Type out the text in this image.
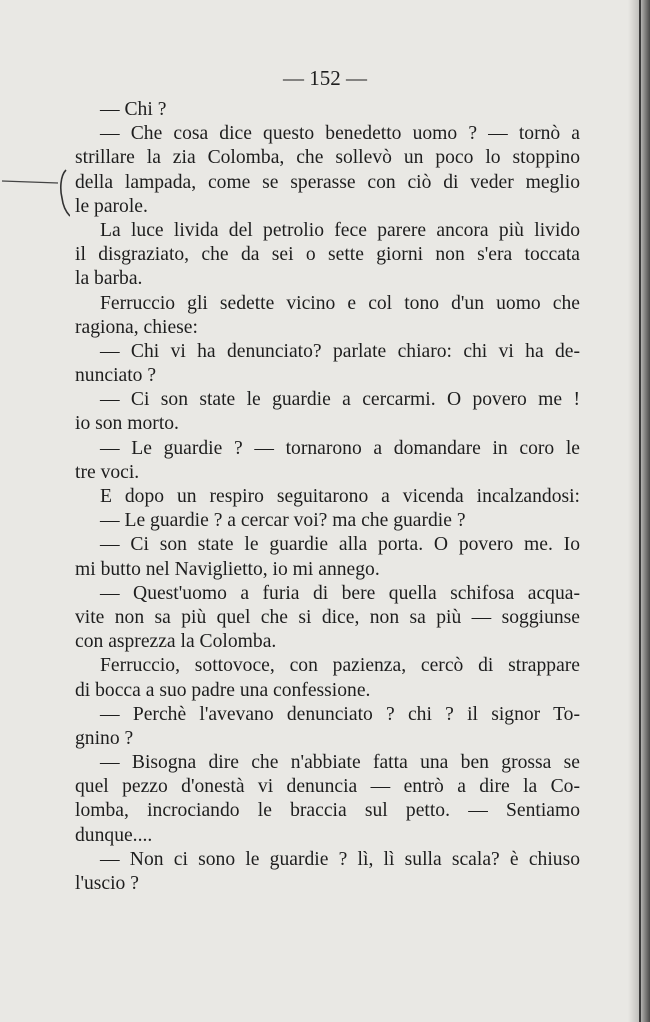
— 152 —
— Chi ?
— Che cosa dice questo benedetto uomo ? — tornò a
strillare la zia Colomba, che sollevò un poco lo stoppino
della lampada, come se sperasse con ciò di veder meglio
le parole.
La luce livida del petrolio fece parere ancora più livido
il disgraziato, che da sei o sette giorni non s'era toccata
la barba.
Ferruccio gli sedette vicino e col tono d'un uomo che
ragiona, chiese:
— Chi vi ha denunciato? parlate chiaro: chi vi ha de-
nunciato ?
— Ci son state le guardie a cercarmi. O povero me !
io son morto.
— Le guardie ? — tornarono a domandare in coro le
tre voci.
E dopo un respiro seguitarono a vicenda incalzandosi:
— Le guardie ? a cercar voi? ma che guardie ?
— Ci son state le guardie alla porta. O povero me. Io
mi butto nel Naviglietto, io mi annego.
— Quest'uomo a furia di bere quella schifosa acqua-
vite non sa più quel che si dice, non sa più — soggiunse
con asprezza la Colomba.
Ferruccio, sottovoce, con pazienza, cercò di strappare
di bocca a suo padre una confessione.
— Perchè l'avevano denunciato ? chi ? il signor To-
gnino ?
— Bisogna dire che n'abbiate fatta una ben grossa se
quel pezzo d'onestà vi denuncia — entrò a dire la Co-
lomba, incrociando le braccia sul petto. — Sentiamo
dunque....
— Non ci sono le guardie ? lì, lì sulla scala? è chiuso
l'uscio ?
